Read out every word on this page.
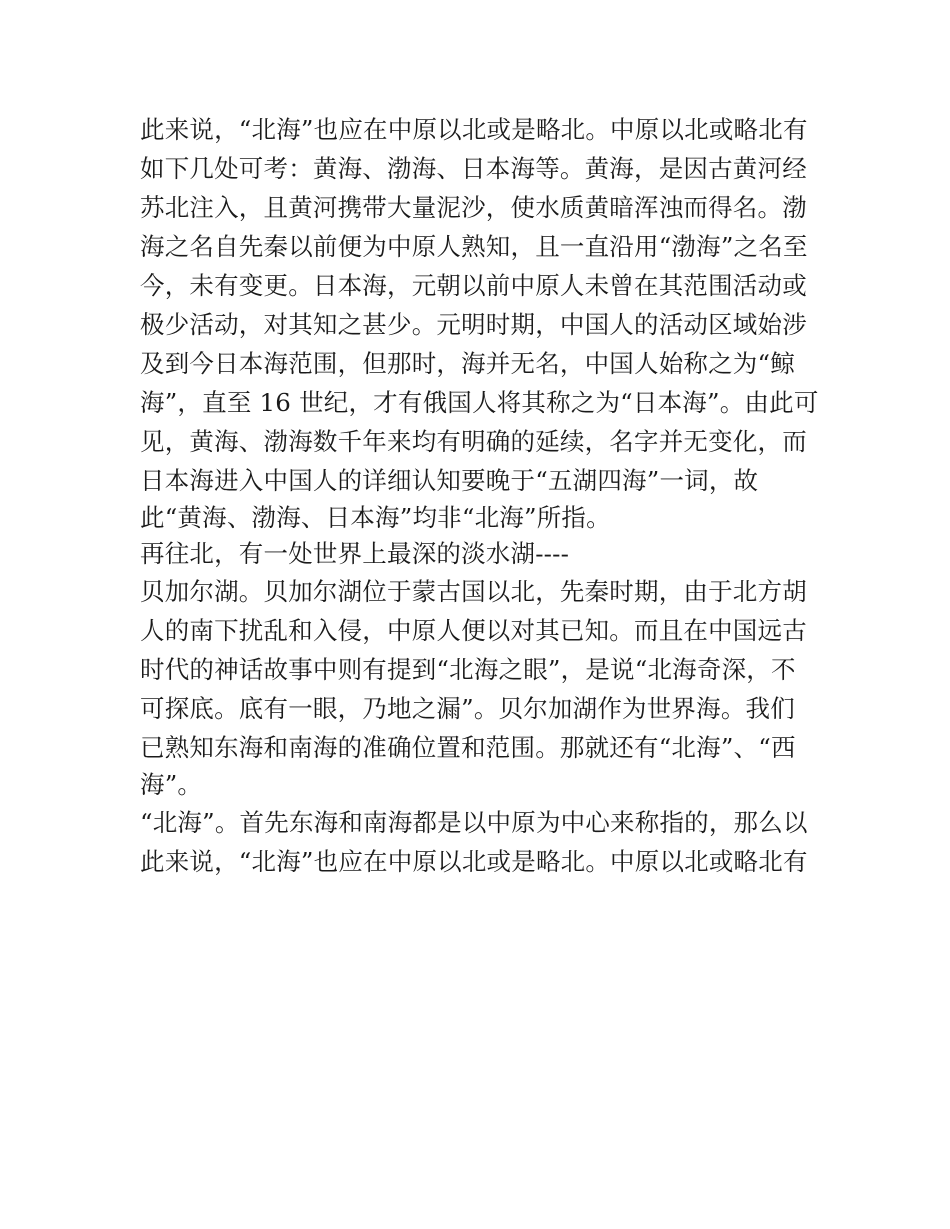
此来说，“北海”也应在中原以北或是略北。中原以北或略北有
如下几处可考：黄海、渤海、日本海等。黄海，是因古黄河经
苏北注入，且黄河携带大量泥沙，使水质黄暗浑浊而得名。渤
海之名自先秦以前便为中原人熟知，且一直沿用“渤海”之名至
今，未有变更。日本海，元朝以前中原人未曾在其范围活动或
极少活动，对其知之甚少。元明时期，中国人的活动区域始涉
及到今日本海范围，但那时，海并无名，中国人始称之为“鲸
海”，直至 16 世纪，才有俄国人将其称之为“日本海”。由此可
见，黄海、渤海数千年来均有明确的延续，名字并无变化，而
日本海进入中国人的详细认知要晚于“五湖四海”一词，故
此“黄海、渤海、日本海”均非“北海”所指。
再往北，有一处世界上最深的淡水湖----
贝加尔湖。贝加尔湖位于蒙古国以北，先秦时期，由于北方胡
人的南下扰乱和入侵，中原人便以对其已知。而且在中国远古
时代的神话故事中则有提到“北海之眼”，是说“北海奇深，不
可探底。底有一眼，乃地之漏”。贝尔加湖作为世界海。我们
已熟知东海和南海的准确位置和范围。那就还有“北海”、“西
海”。
“北海”。首先东海和南海都是以中原为中心来称指的，那么以
此来说，“北海”也应在中原以北或是略北。中原以北或略北有
